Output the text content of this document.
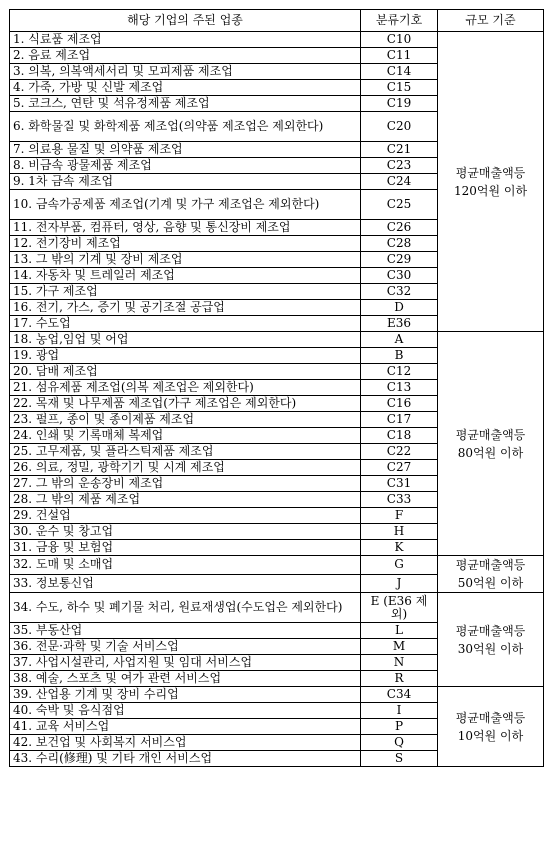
해당 기업의 주된 업종	분류기호	규모 기준
1. 식료품 제조업	C10	평균매출액등
120억원 이하

2. 음료 제조업	C11	
3. 의복, 의복액세서리 및 모피제품 제조업	C14	
4. 가죽, 가방 및 신발 제조업	C15	
5. 코크스, 연탄 및 석유정제품 제조업	C19	
6. 화학물질 및 화학제품 제조업(의약품 제조업은 제외한다)	C20	
7. 의료용 물질 및 의약품 제조업	C21	
8. 비금속 광물제품 제조업	C23	
9. 1차 금속 제조업	C24	
10. 금속가공제품 제조업(기계 및 가구 제조업은 제외한다)	C25	
11. 전자부품, 컴퓨터, 영상, 음향 및 통신장비 제조업	C26	
12. 전기장비 제조업	C28	
13. 그 밖의 기계 및 장비 제조업	C29	
14. 자동차 및 트레일러 제조업	C30	
15. 가구 제조업	C32	
16. 전기, 가스, 증기 및 공기조절 공급업	D	
17. 수도업	E36	
18. 농업,임업 및 어업	A	평균매출액등
80억원 이하

19. 광업	B	
20. 담배 제조업	C12	
21. 섬유제품 제조업(의복 제조업은 제외한다)	C13	
22. 목재 및 나무제품 제조업(가구 제조업은 제외한다)	C16	
23. 펄프, 종이 및 종이제품 제조업	C17	
24. 인쇄 및 기록매체 복제업	C18	
25. 고무제품, 및 플라스틱제품 제조업	C22	
26. 의료, 정밀, 광학기기 및 시계 제조업	C27	
27. 그 밖의 운송장비 제조업	C31	
28. 그 밖의 제품 제조업	C33	
29. 건설업	F	
30. 운수 및 창고업	H	
31. 금융 및 보험업	K	
32. 도매 및 소매업	G	평균매출액등
50억원 이하

33. 정보통신업	J	
34. 수도, 하수 및 폐기물 처리, 원료재생업(수도업은 제외한다)	E (E36 제외)	평균매출액등
30억원 이하

35. 부동산업	L	
36. 전문·과학 및 기술 서비스업	M	
37. 사업시설관리, 사업지원 및 임대 서비스업	N	
38. 예술, 스포츠 및 여가 관련 서비스업	R	
39. 산업용 기계 및 장비 수리업	C34	평균매출액등
10억원 이하

40. 숙박 및 음식점업	I	
41. 교육 서비스업	P	
42. 보건업 및 사회복지 서비스업	Q	
43. 수리(修理) 및 기타 개인 서비스업	S	
